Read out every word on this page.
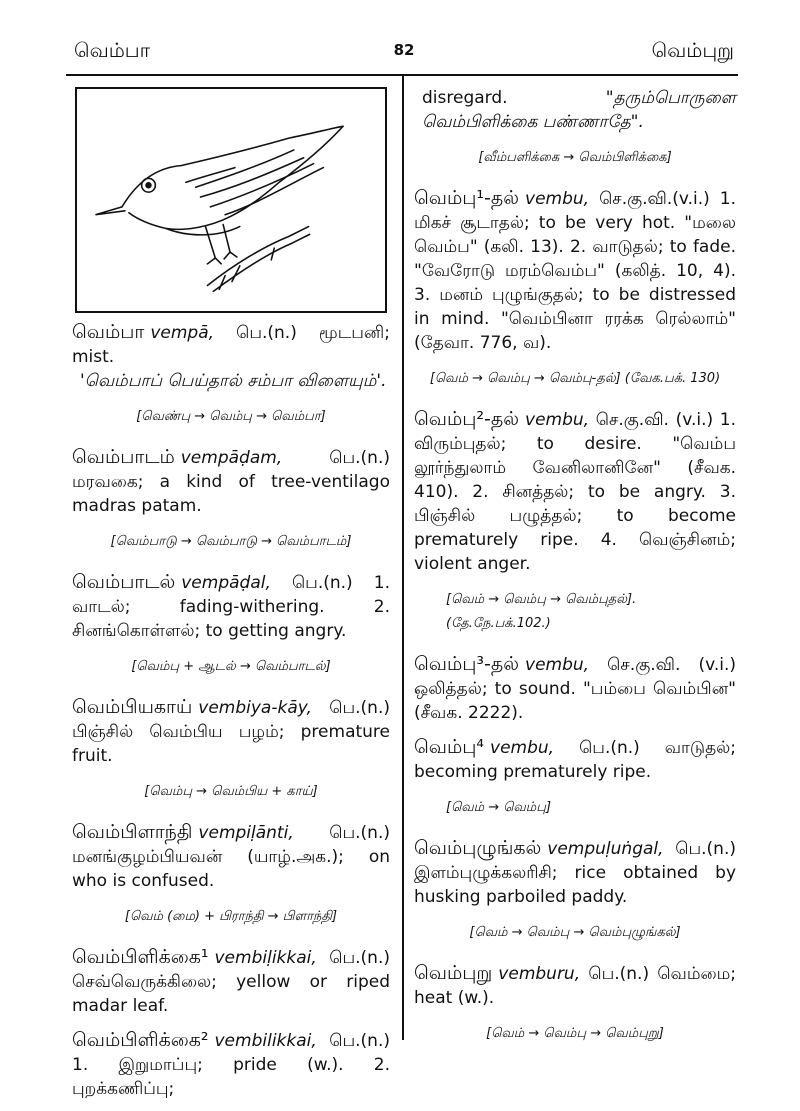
வெம்பா	82	வெம்புறு
வெம்பா vempā, பெ.(n.) மூடபனி; mist.
'வெம்பாப் பெய்தால் சம்பா விளையும்'.
[வெண்பு → வெம்பு → வெம்பா]
வெம்பாடம் vempāḍam,	பெ.(n.) மரவகை; a kind of tree-ventilago madras patam.
[வெம்பாடு → வெம்பாடு → வெம்பாடம்]
வெம்பாடல் vempāḍal, பெ.(n.) 1. வாடல்; fading-withering. 2. சினங்கொள்ளல்; to getting angry.
[வெம்பு + ஆடல் → வெம்பாடல்]
வெம்பியகாய் vembiya-kāy, பெ.(n.) பிஞ்சில் வெம்பிய பழம்; premature fruit.
[வெம்பு → வெம்பிய + காய்]
வெம்பிளாந்தி vempiḷānti, பெ.(n.) மனங்குழம்பியவன் (யாழ்.அக.); on who is confused.
[வெம் (மை) + பிராந்தி → பிளாந்தி]
வெம்பிளிக்கை¹ vembiḷikkai, பெ.(n.) செவ்வெருக்கிலை; yellow or riped madar leaf.
வெம்பிளிக்கை² vembilikkai, பெ.(n.) 1. இறுமாப்பு; pride (w.). 2. புறக்கணிப்பு;
disregard.	"தரும்பொருளை வெம்பிளிக்கை பண்ணாதே".
[வீம்பளிக்கை → வெம்பிளிக்கை]
வெம்பு¹-தல் vembu, செ.கு.வி.(v.i.) 1. மிகச் சூடாதல்; to be very hot. "மலை வெம்ப" (கலி. 13). 2. வாடுதல்; to fade. "வேரோடு மரம்வெம்ப" (கலித். 10, 4). 3. மனம் புழுங்குதல்; to be distressed in mind. "வெம்பினா ரரக்க ரெல்லாம்" (தேவா. 776, வ).
[வெம் → வெம்பு → வெம்பு-தல்] (வேக.பக். 130)
வெம்பு²-தல் vembu, செ.கு.வி. (v.i.) 1. விரும்புதல்; to desire. "வெம்ப லூர்ந்துலாம் வேனிலானினே" (சீவக. 410). 2. சினத்தல்; to be angry. 3. பிஞ்சில் பழுத்தல்; to become prematurely ripe. 4. வெஞ்சினம்; violent anger.
[வெம் → வெம்பு → வெம்புதல்]. (தே.நே.பக்.102.)
வெம்பு³-தல் vembu, செ.கு.வி. (v.i.) ஒலித்தல்; to sound. "பம்பை வெம்பின" (சீவக. 2222).
வெம்பு⁴ vembu, பெ.(n.) வாடுதல்; becoming prematurely ripe.
[வெம் → வெம்பு]
வெம்புழுங்கல் vempuḷuṅgal, பெ.(n.) இளம்புழுக்கலரிசி; rice obtained by husking parboiled paddy.
[வெம் → வெம்பு → வெம்புழுங்கல்]
வெம்புறு vemburu, பெ.(n.) வெம்மை; heat (w.).
[வெம் → வெம்பு → வெம்புறு]
